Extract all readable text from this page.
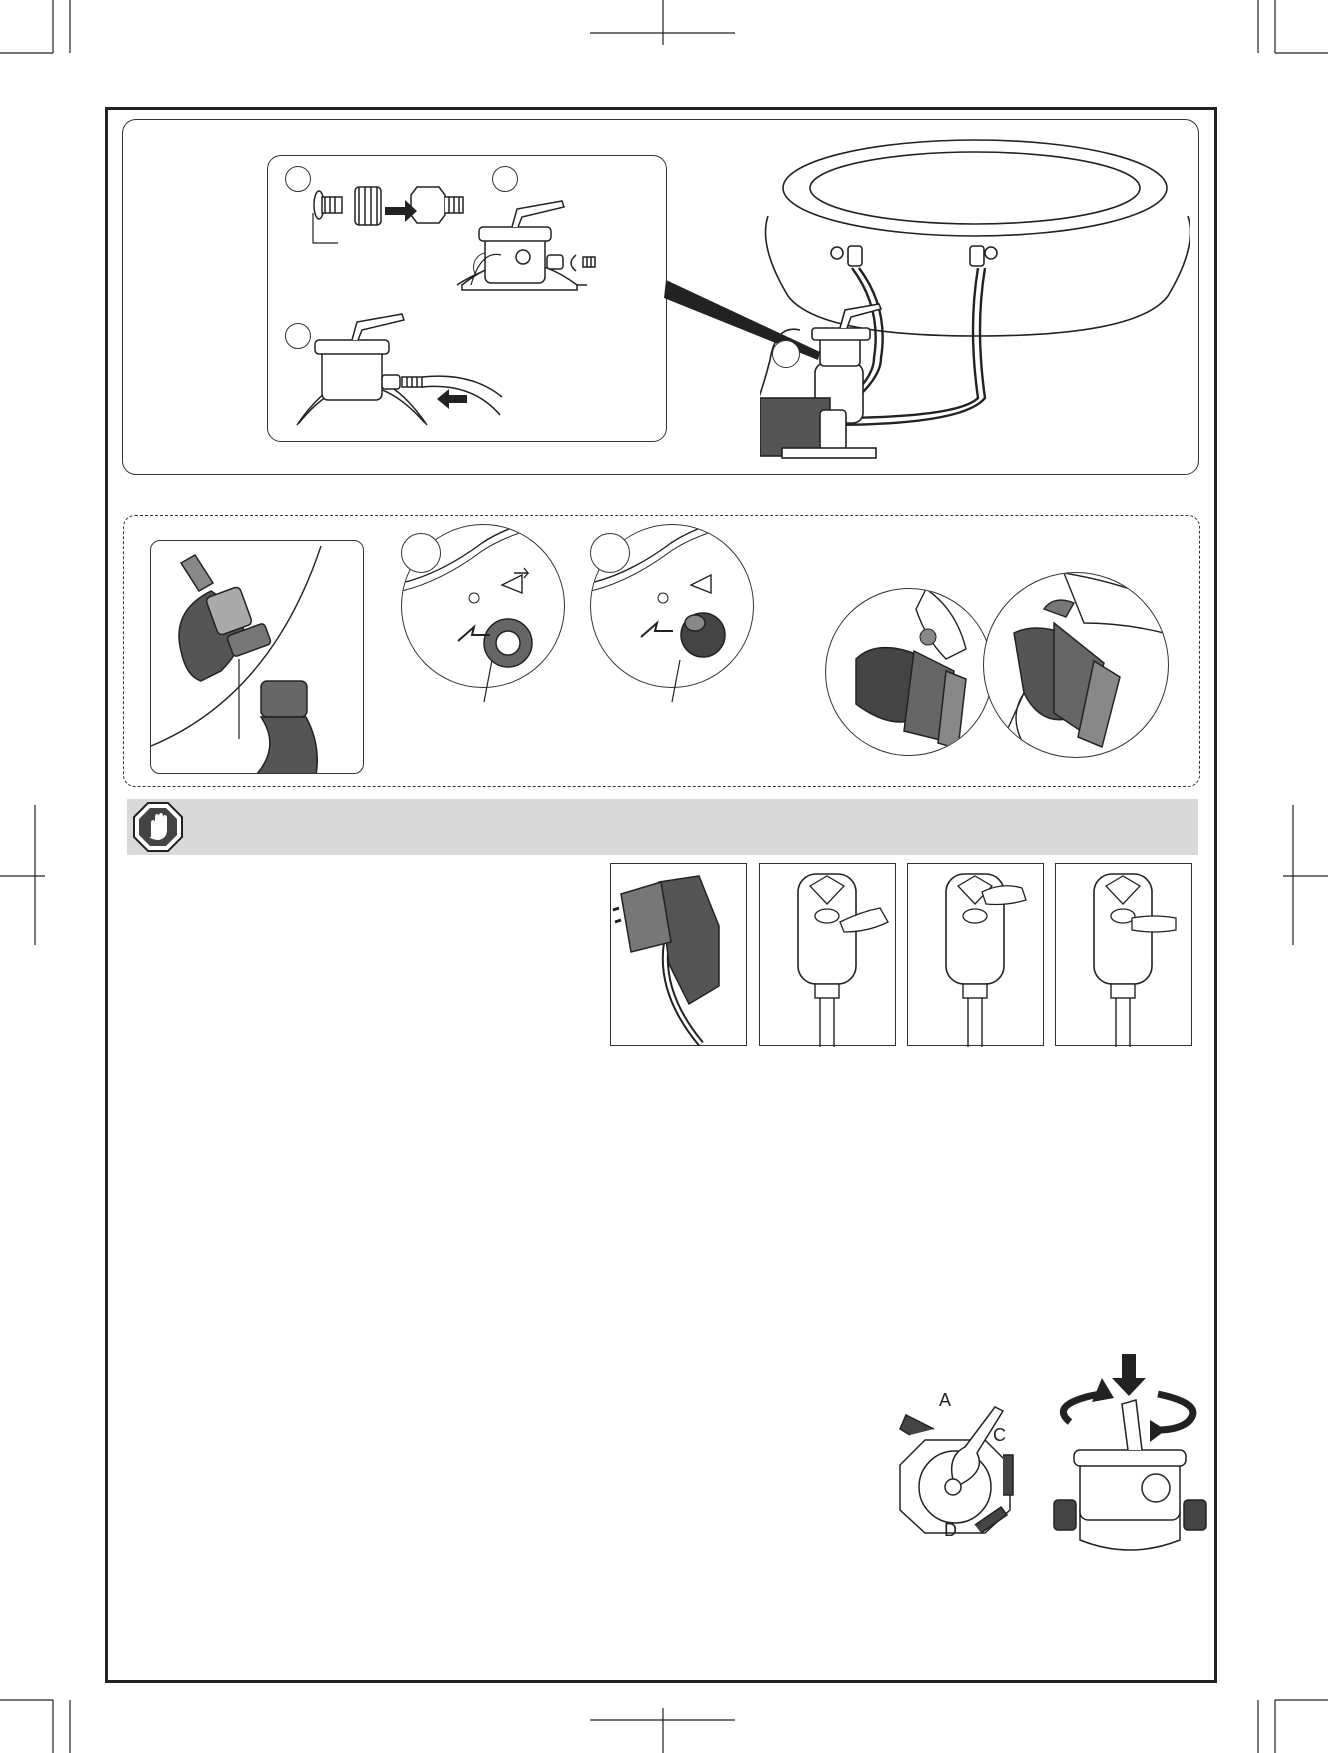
A
C
D
